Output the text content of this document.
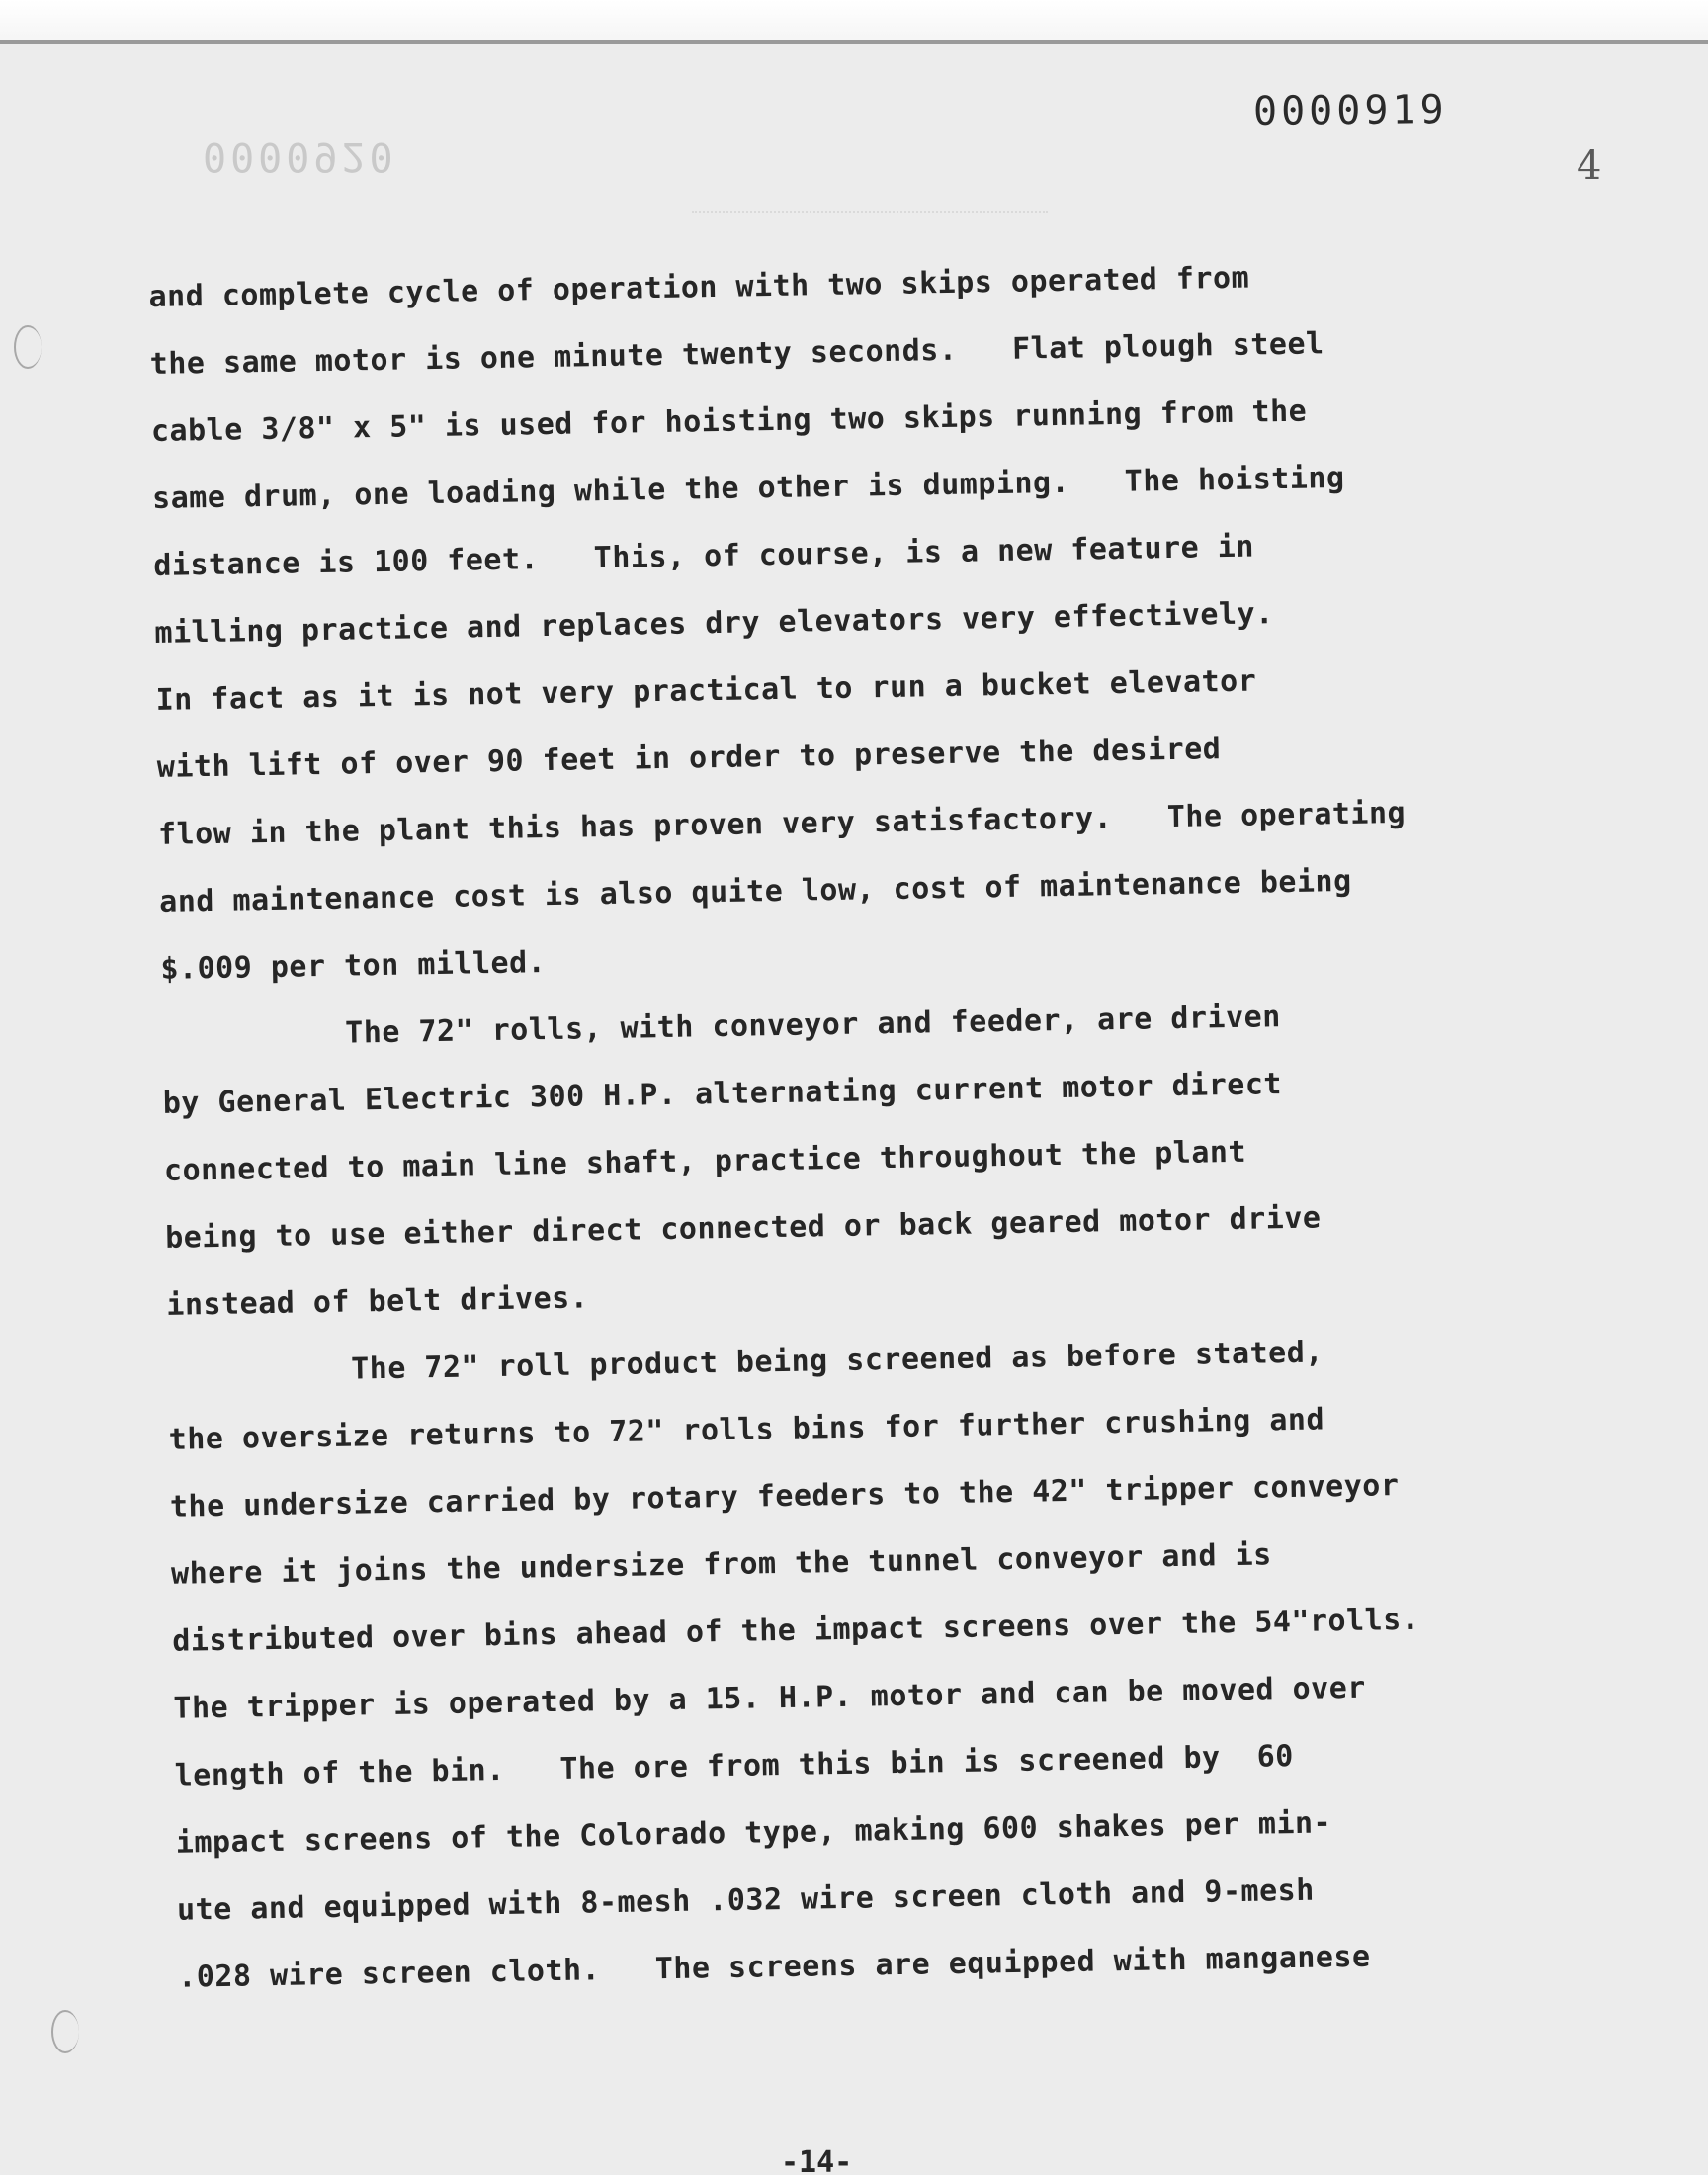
0000919
0000920	4
and complete cycle of operation with two skips operated from
the same motor is one minute twenty seconds.   Flat plough steel
cable 3/8" x 5" is used for hoisting two skips running from the
same drum, one loading while the other is dumping.   The hoisting
distance is 100 feet.   This, of course, is a new feature in
milling practice and replaces dry elevators very effectively.
In fact as it is not very practical to run a bucket elevator
with lift of over 90 feet in order to preserve the desired
flow in the plant this has proven very satisfactory.   The operating
and maintenance cost is also quite low, cost of maintenance being
$.009 per ton milled.
The 72" rolls, with conveyor and feeder, are driven
by General Electric 300 H.P. alternating current motor direct
connected to main line shaft, practice throughout the plant
being to use either direct connected or back geared motor drive
instead of belt drives.
The 72" roll product being screened as before stated,
the oversize returns to 72" rolls bins for further crushing and
the undersize carried by rotary feeders to the 42" tripper conveyor
where it joins the undersize from the tunnel conveyor and is
distributed over bins ahead of the impact screens over the 54"rolls.
The tripper is operated by a 15. H.P. motor and can be moved over
length of the bin.   The ore from this bin is screened by  60
impact screens of the Colorado type, making 600 shakes per min-
ute and equipped with 8-mesh .032 wire screen cloth and 9-mesh
.028 wire screen cloth.   The screens are equipped with manganese
-14-
